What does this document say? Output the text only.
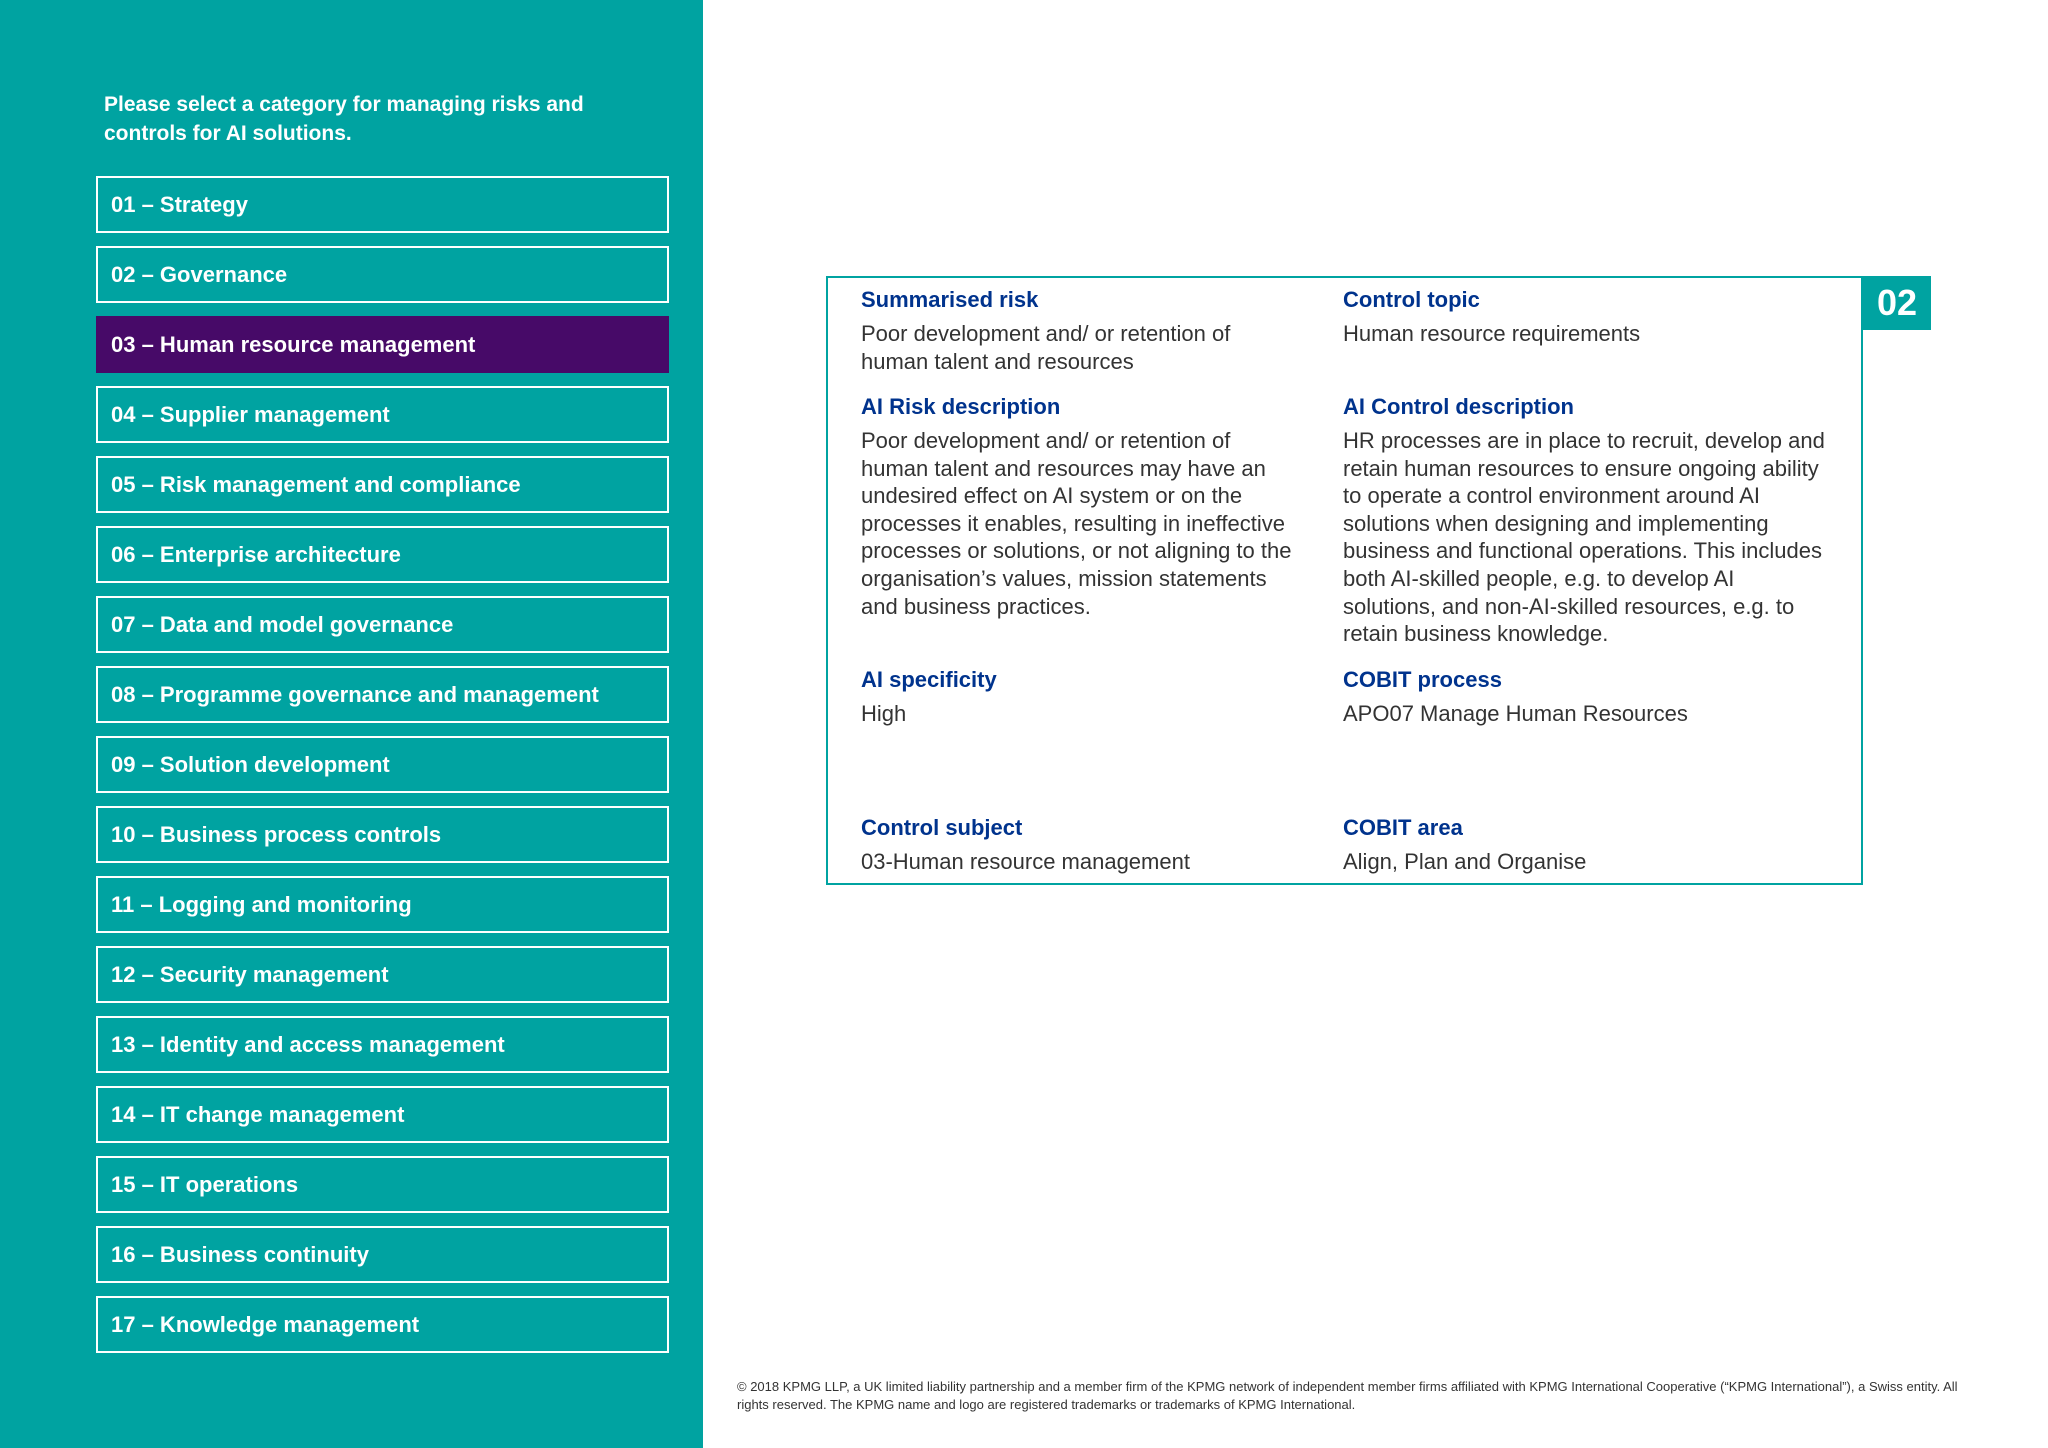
Please select a category for managing risks and controls for AI solutions.
01 – Strategy
02 – Governance
03 – Human resource management
04 – Supplier management
05 – Risk management and compliance
06 – Enterprise architecture
07 – Data and model governance
08 – Programme governance and management
09 – Solution development
10 – Business process controls
11 – Logging and monitoring
12 – Security management
13 – Identity and access management
14 – IT change management
15 – IT operations
16 – Business continuity
17 – Knowledge management

Summarised risk

Poor development and/ or retention of human talent and resources

Control topic

Human resource requirements

AI Risk description

Poor development and/ or retention of human talent and resources may have an undesired effect on AI system or on the processes it enables, resulting in ineffective processes or solutions, or not aligning to the organisation’s values, mission statements and business practices.

AI Control description

HR processes are in place to recruit, develop and retain human resources to ensure ongoing ability to operate a control environment around AI solutions when designing and implementing business and functional operations. This includes both AI-skilled people, e.g. to develop AI solutions, and non-AI-skilled resources, e.g. to retain business knowledge.

AI specificity

High

COBIT process

APO07 Manage Human Resources

Control subject

03-Human resource management

COBIT area

Align, Plan and Organise

02
© 2018 KPMG LLP, a UK limited liability partnership and a member firm of the KPMG network of independent member firms affiliated with KPMG International Cooperative (“KPMG International”), a Swiss entity. All rights reserved. The KPMG name and logo are registered trademarks or trademarks of KPMG International.
